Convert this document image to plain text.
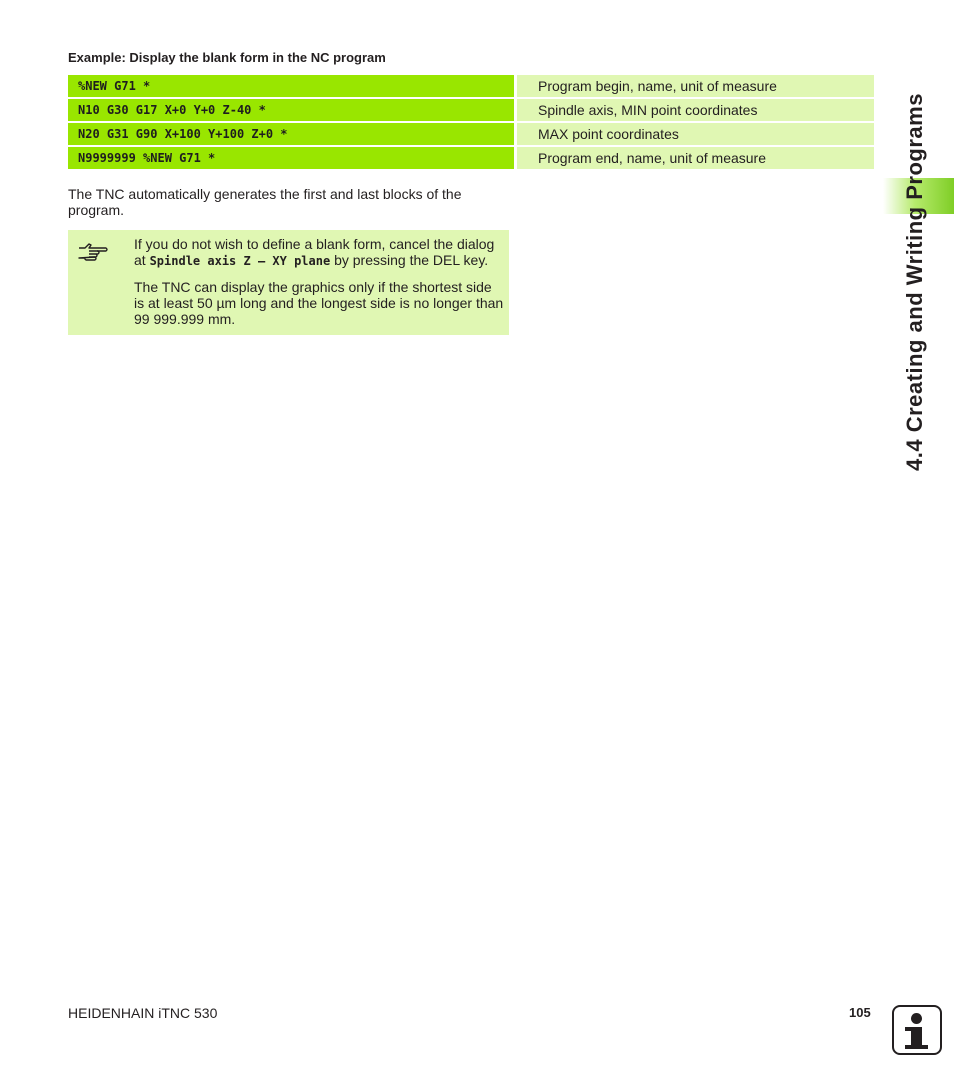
Example: Display the blank form in the NC program
%NEW G71 *	Program begin, name, unit of measure
N10 G30 G17 X+0 Y+0 Z-40 *	Spindle axis, MIN point coordinates
N20 G31 G90 X+100 Y+100 Z+0 *	MAX point coordinates
N9999999 %NEW G71 *	Program end, name, unit of measure

The TNC automatically generates the first and last blocks of the program.

If you do not wish to define a blank form, cancel the dialog at Spindle axis Z – XY plane by pressing the DEL key.

The TNC can display the graphics only if the shortest side is at least 50 µm long and the longest side is no longer than 99 999.999 mm.	4.4 Creating and Writing Programs
HEIDENHAIN iTNC 530	105
